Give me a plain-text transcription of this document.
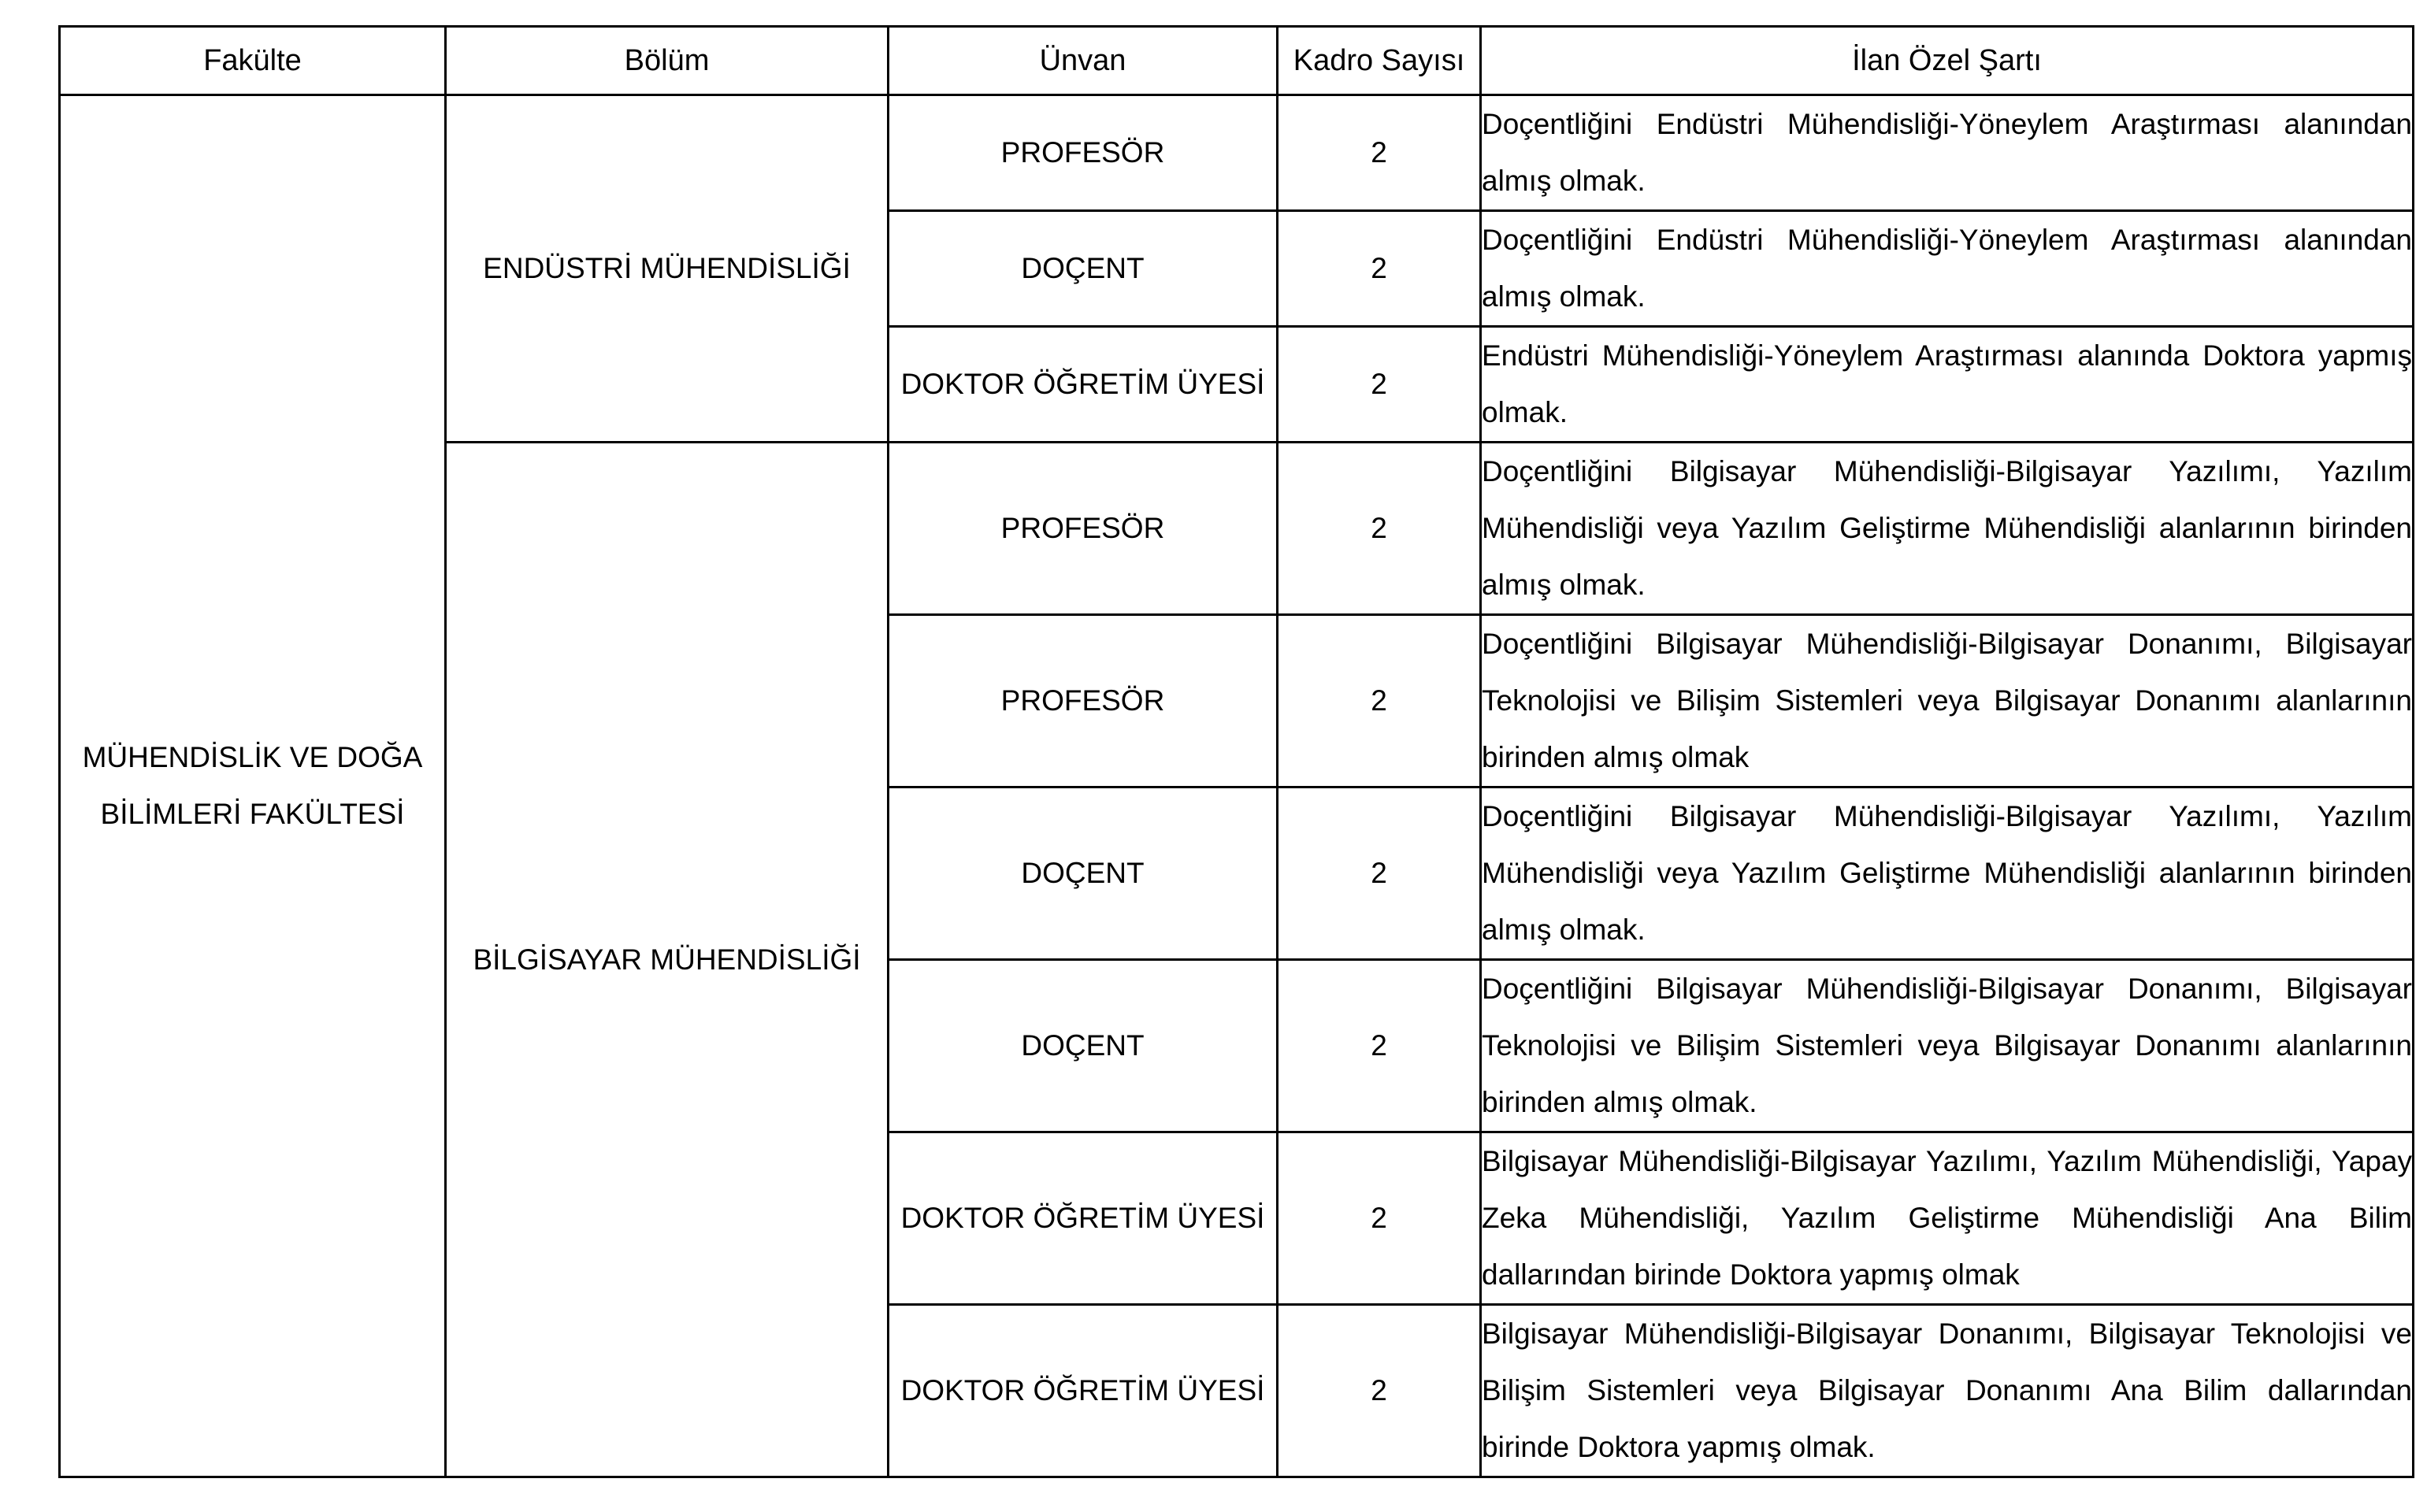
Fakülte	Bölüm	Ünvan	Kadro Sayısı	İlan Özel Şartı
MÜHENDİSLİK VE DOĞA BİLİMLERİ FAKÜLTESİ	ENDÜSTRİ MÜHENDİSLİĞİ	PROFESÖR	2	Doçentliğini Endüstri Mühendisliği-Yöneylem Araştırması alanından almış olmak.

		DOÇENT	2	Doçentliğini Endüstri Mühendisliği-Yöneylem Araştırması alanından almış olmak.

		DOKTOR ÖĞRETİM ÜYESİ	2	Endüstri Mühendisliği-Yöneylem Araştırması alanında Doktora yapmış olmak.

	BİLGİSAYAR MÜHENDİSLİĞİ	PROFESÖR	2	Doçentliğini Bilgisayar Mühendisliği-Bilgisayar Yazılımı, Yazılım Mühendisliği veya Yazılım Geliştirme Mühendisliği alanlarının birinden almış olmak.

		PROFESÖR	2	Doçentliğini Bilgisayar Mühendisliği-Bilgisayar Donanımı, Bilgisayar Teknolojisi ve Bilişim Sistemleri veya Bilgisayar Donanımı alanlarının birinden almış olmak

		DOÇENT	2	Doçentliğini Bilgisayar Mühendisliği-Bilgisayar Yazılımı, Yazılım Mühendisliği veya Yazılım Geliştirme Mühendisliği alanlarının birinden almış olmak.

		DOÇENT	2	Doçentliğini Bilgisayar Mühendisliği-Bilgisayar Donanımı, Bilgisayar Teknolojisi ve Bilişim Sistemleri veya Bilgisayar Donanımı alanlarının birinden almış olmak.

		DOKTOR ÖĞRETİM ÜYESİ	2	Bilgisayar Mühendisliği-Bilgisayar Yazılımı, Yazılım Mühendisliği, Yapay Zeka Mühendisliği, Yazılım Geliştirme Mühendisliği Ana Bilim dallarından birinde Doktora yapmış olmak

		DOKTOR ÖĞRETİM ÜYESİ	2	Bilgisayar Mühendisliği-Bilgisayar Donanımı, Bilgisayar Teknolojisi ve Bilişim Sistemleri veya Bilgisayar Donanımı Ana Bilim dallarından birinde Doktora yapmış olmak.
